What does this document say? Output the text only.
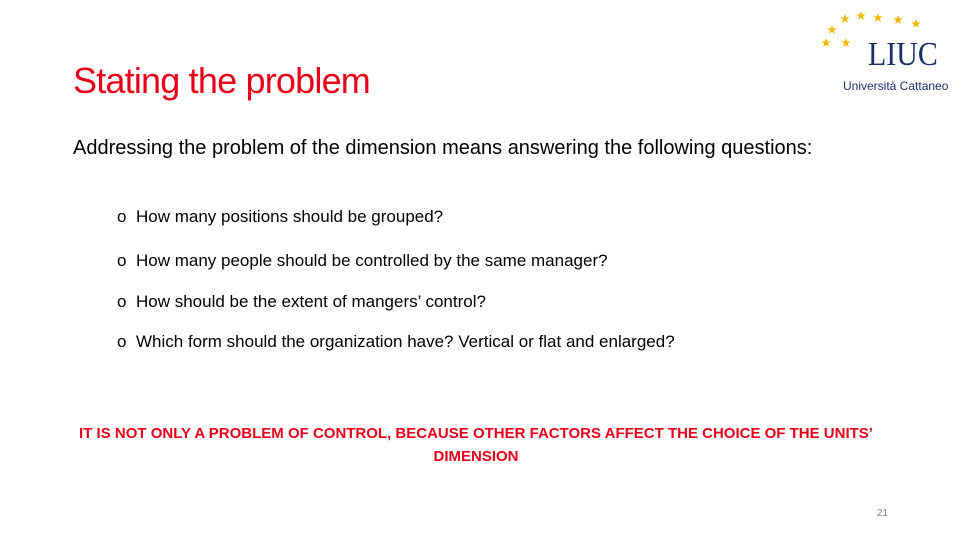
Stating the problem
LIUC
Università Cattaneo

Addressing the problem of the dimension means answering the following questions:

o How many positions should be grouped?
o How many people should be controlled by the same manager?
o How should be the extent of mangers’ control?
o Which form should the organization have? Vertical or flat and enlarged?

IT IS NOT ONLY A PROBLEM OF CONTROL, BECAUSE OTHER FACTORS AFFECT THE CHOICE OF THE UNITS’ DIMENSION

21
